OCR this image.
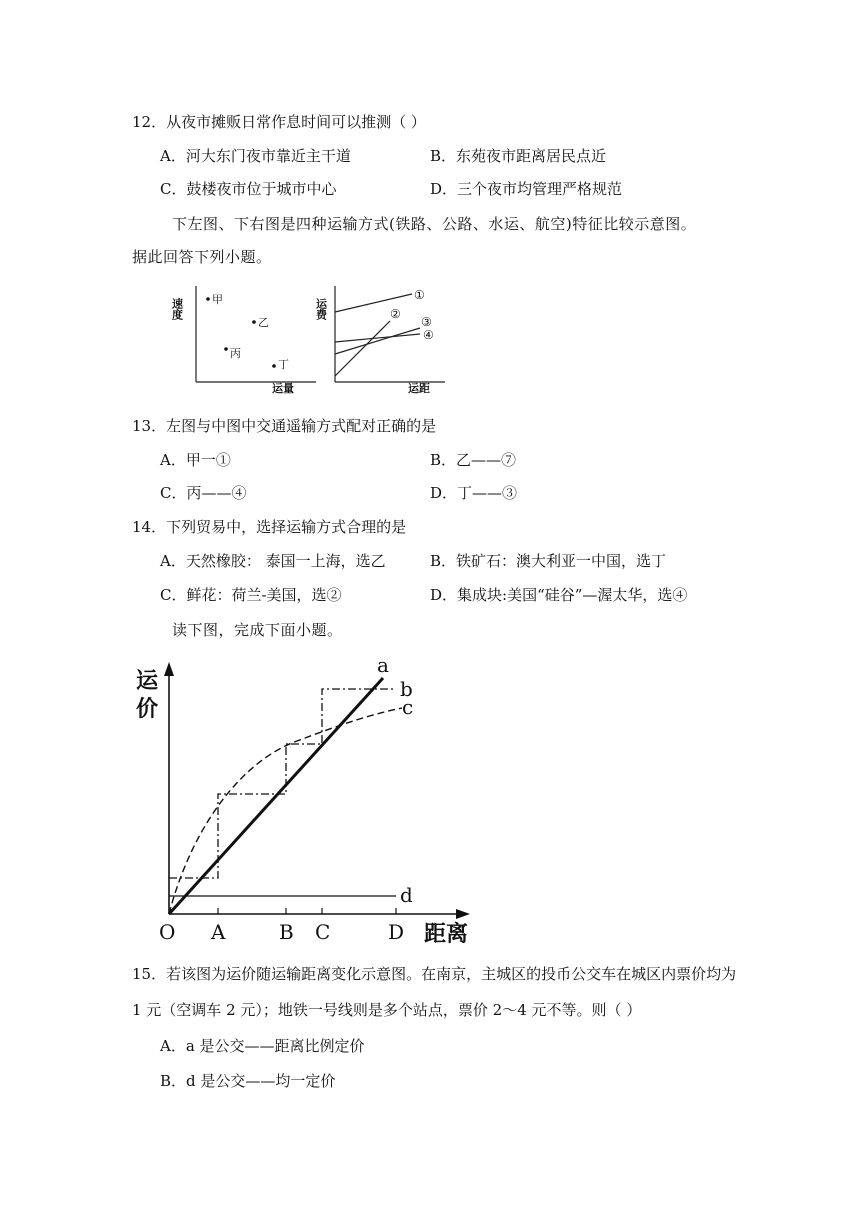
12．从夜市摊贩日常作息时间可以推测（ ）
A．河大东门夜市靠近主干道	B．东苑夜市距离居民点近
C．鼓楼夜市位于城市中心	D．三个夜市均管理严格规范
下左图、下右图是四种运输方式(铁路、公路、水运、航空)特征比较示意图。
据此回答下列小题。
速度
运量
甲
乙
丙
丁
运费
运距
①
②
③
④
13．左图与中图中交通遥输方式配对正确的是
A．甲一①	B．乙——⑦
C．丙——④	D．丁——③
14．下列贸易中，选择运输方式合理的是
A．天然橡胶： 泰国一上海，选乙	B．铁矿石：澳大利亚一中国，选丁
C．鲜花：荷兰-美国，选②	D．集成块:美国“硅谷”—渥太华，选④
读下图，完成下面小题。
运
价
距离
O A	B C	D
a
b
c
d
15．若该图为运价随运输距离变化示意图。在南京，主城区的投币公交车在城区内票价均为
1 元（空调车 2 元）；地铁一号线则是多个站点，票价 2～4 元不等。则（ ）
A．a 是公交——距离比例定价
B．d 是公交——均一定价
